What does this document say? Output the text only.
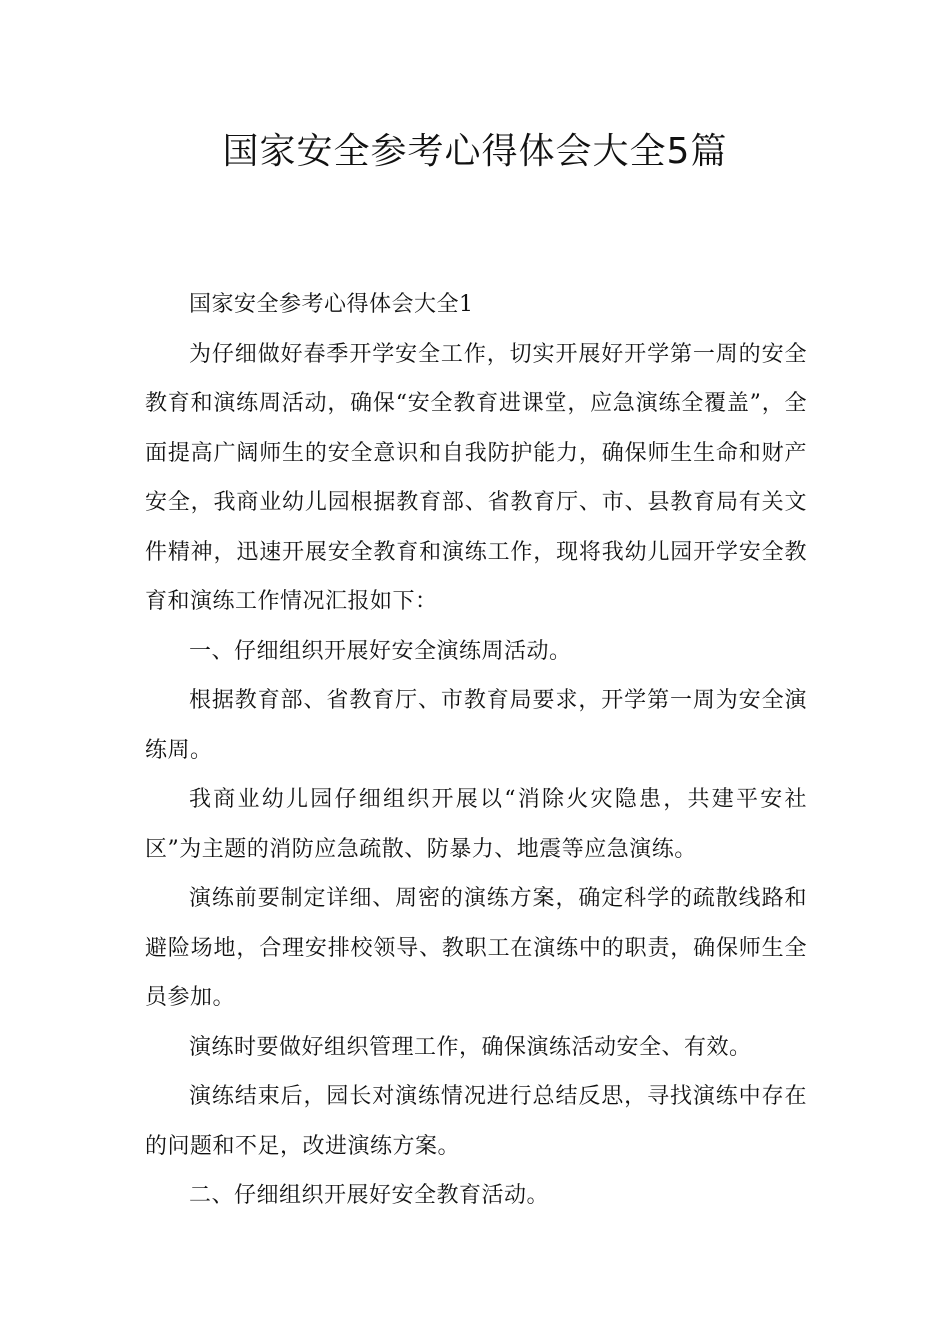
国家安全参考心得体会大全5篇

国家安全参考心得体会大全1

为仔细做好春季开学安全工作，切实开展好开学第一周的安全教育和演练周活动，确保“安全教育进课堂，应急演练全覆盖”，全面提高广阔师生的安全意识和自我防护能力，确保师生生命和财产安全，我商业幼儿园根据教育部、省教育厅、市、县教育局有关文件精神，迅速开展安全教育和演练工作，现将我幼儿园开学安全教育和演练工作情况汇报如下：

一、仔细组织开展好安全演练周活动。

根据教育部、省教育厅、市教育局要求，开学第一周为安全演练周。

我商业幼儿园仔细组织开展以“消除火灾隐患，共建平安社区”为主题的消防应急疏散、防暴力、地震等应急演练。

演练前要制定详细、周密的演练方案，确定科学的疏散线路和避险场地，合理安排校领导、教职工在演练中的职责，确保师生全员参加。

演练时要做好组织管理工作，确保演练活动安全、有效。

演练结束后，园长对演练情况进行总结反思，寻找演练中存在的问题和不足，改进演练方案。

二、仔细组织开展好安全教育活动。
